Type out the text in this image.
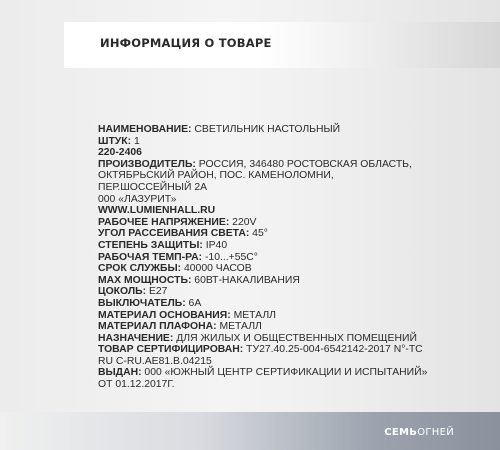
ИНФОРМАЦИЯ О ТОВАРЕ
НАИМЕНОВАНИЕ: СВЕТИЛЬНИК НАСТОЛЬНЫЙ
ШТУК: 1
220-2406
ПРОИЗВОДИТЕЛЬ: РОССИЯ, 346480 РОСТОВСКАЯ ОБЛАСТЬ, ОКТЯБРЬСКИЙ РАЙОН, ПОС. КАМЕНОЛОМНИ, ПЕР.ШОССЕЙНЫЙ 2А
000 «ЛАЗУРИТ»
WWW.LUMIENHALL.RU
РАБОЧЕЕ НАПРЯЖЕНИЕ: 220V
УГОЛ РАССЕИВАНИЯ СВЕТА: 45°
СТЕПЕНЬ ЗАЩИТЫ: IP40
РАБОЧАЯ ТЕМП-РА: -10...+55С°
СРОК СЛУЖБЫ: 40000 ЧАСОВ
МАХ МОЩНОСТЬ: 60ВТ-НАКАЛИВАНИЯ
ЦОКОЛЬ: E27
ВЫКЛЮЧАТЕЛЬ: 6А
МАТЕРИАЛ ОСНОВАНИЯ: МЕТАЛЛ
МАТЕРИАЛ ПЛАФОНА: МЕТАЛЛ
НАЗНАЧЕНИЕ: ДЛЯ ЖИЛЫХ И ОБЩЕСТВЕННЫХ ПОМЕЩЕНИЙ
ТОВАР СЕРТИФИЦИРОВАН: ТУ27.40.25-004-6542142-2017 N°-TC RU C-RU.AE81.B.04215
ВЫДАН: 000 «ЮЖНЫЙ ЦЕНТР СЕРТИФИКАЦИИ И ИСПЫТАНИЙ» ОТ 01.12.2017Г.
СЕМЬОГНЕЙ
